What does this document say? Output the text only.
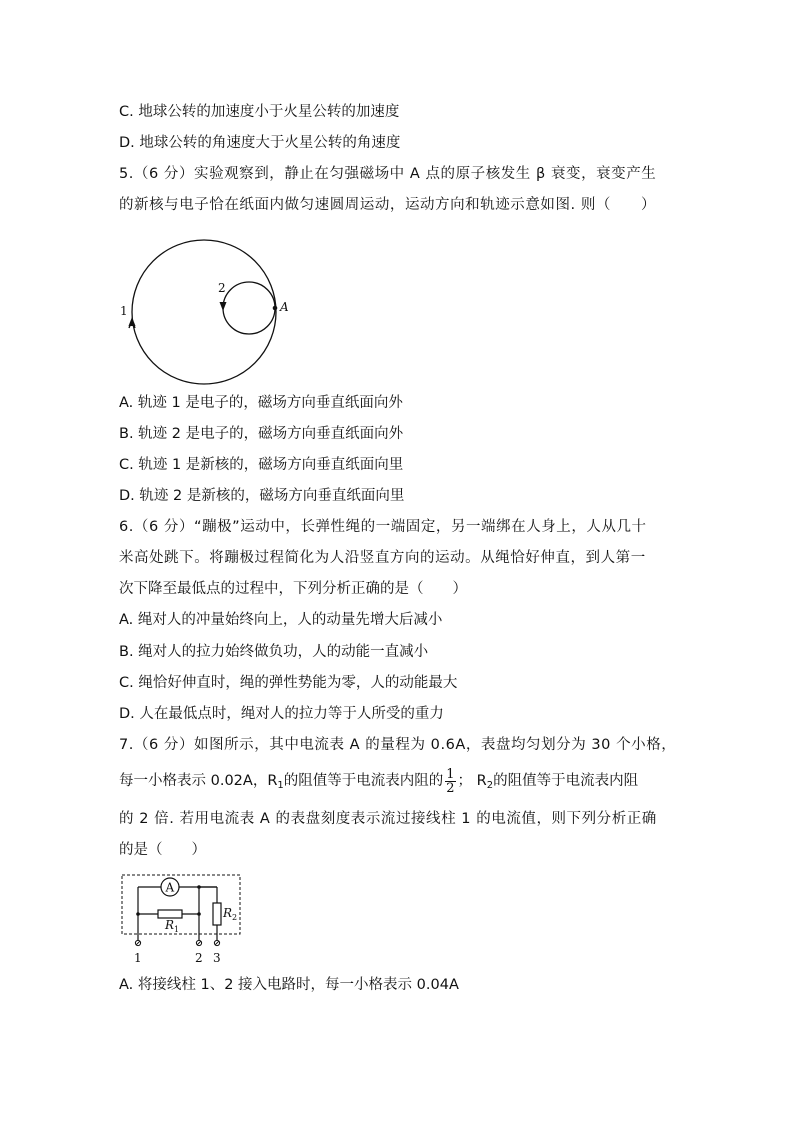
C. 地球公转的加速度小于火星公转的加速度
D. 地球公转的角速度大于火星公转的角速度
5.（6 分）实验观察到，静止在匀强磁场中 A 点的原子核发生 β 衰变，衰变产生
的新核与电子恰在纸面内做匀速圆周运动，运动方向和轨迹示意如图. 则（　　）
1
2
A
A. 轨迹 1 是电子的，磁场方向垂直纸面向外
B. 轨迹 2 是电子的，磁场方向垂直纸面向外
C. 轨迹 1 是新核的，磁场方向垂直纸面向里
D. 轨迹 2 是新核的，磁场方向垂直纸面向里
6.（6 分）“蹦极”运动中，长弹性绳的一端固定，另一端绑在人身上，人从几十
米高处跳下。将蹦极过程简化为人沿竖直方向的运动。从绳恰好伸直，到人第一
次下降至最低点的过程中，下列分析正确的是（　　）
A. 绳对人的冲量始终向上，人的动量先增大后减小
B. 绳对人的拉力始终做负功，人的动能一直减小
C. 绳恰好伸直时，绳的弹性势能为零，人的动能最大
D. 人在最低点时，绳对人的拉力等于人所受的重力
7.（6 分）如图所示，其中电流表 A 的量程为 0.6A，表盘均匀划分为 30 个小格，
每一小格表示 0.02A，$R_1$的阻值等于电流表内阻的 $\frac{1}{2}$ ； $R_2$的阻值等于电流表内阻
的 2 倍. 若用电流表 A 的表盘刻度表示流过接线柱 1 的电流值，则下列分析正确
的是（　　）
A
$R_1$
$R_2$
1	2 3
A. 将接线柱 1、2 接入电路时，每一小格表示 0.04A
